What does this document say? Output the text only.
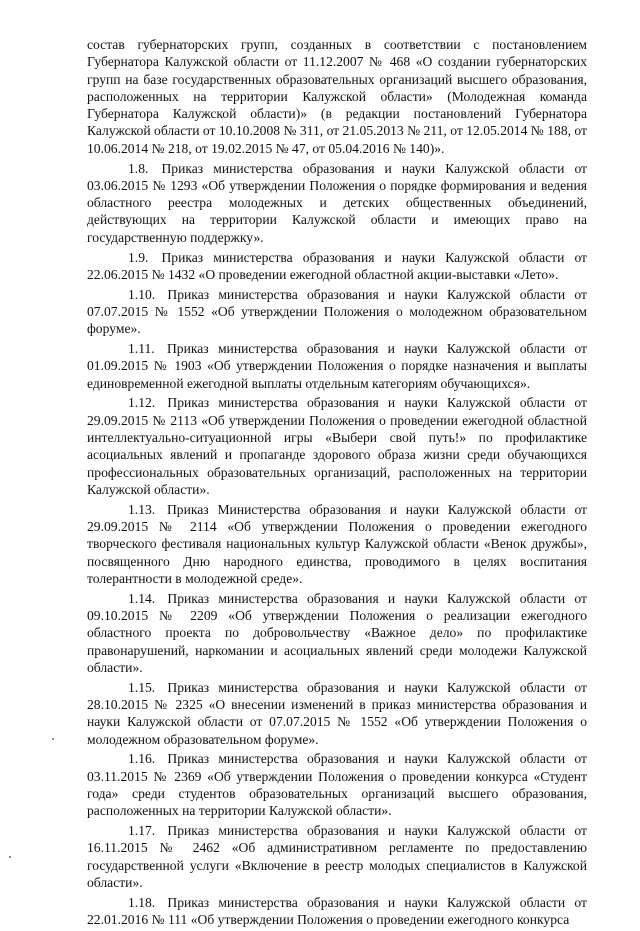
состав губернаторских групп, созданных в соответствии с постановлением Губернатора Калужской области от 11.12.2007 № 468 «О создании губернаторских групп на базе государственных образовательных организаций высшего образования, расположенных на территории Калужской области» (Молодежная команда Губернатора Калужской области)» (в редакции постановлений Губернатора Калужской области от 10.10.2008 № 311, от 21.05.2013 № 211, от 12.05.2014 № 188, от 10.06.2014 № 218, от 19.02.2015 № 47, от 05.04.2016 № 140)».

1.8. Приказ министерства образования и науки Калужской области от 03.06.2015 № 1293 «Об утверждении Положения о порядке формирования и ведения областного реестра молодежных и детских общественных объединений, действующих на территории Калужской области и имеющих право на государственную поддержку».

1.9. Приказ министерства образования и науки Калужской области от 22.06.2015 № 1432 «О проведении ежегодной областной акции-выставки «Лето».

1.10. Приказ министерства образования и науки Калужской области от 07.07.2015 № 1552 «Об утверждении Положения о молодежном образовательном форуме».

1.11. Приказ министерства образования и науки Калужской области от 01.09.2015 № 1903 «Об утверждении Положения о порядке назначения и выплаты единовременной ежегодной выплаты отдельным категориям обучающихся».

1.12. Приказ министерства образования и науки Калужской области от 29.09.2015 № 2113 «Об утверждении Положения о проведении ежегодной областной интеллектуально-ситуационной игры «Выбери свой путь!» по профилактике асоциальных явлений и пропаганде здорового образа жизни среди обучающихся профессиональных образовательных организаций, расположенных на территории Калужской области».

1.13. Приказ Министерства образования и науки Калужской области от 29.09.2015 № 2114 «Об утверждении Положения о проведении ежегодного творческого фестиваля национальных культур Калужской области «Венок дружбы», посвященного Дню народного единства, проводимого в целях воспитания толерантности в молодежной среде».

1.14. Приказ министерства образования и науки Калужской области от 09.10.2015 № 2209 «Об утверждении Положения о реализации ежегодного областного проекта по добровольчеству «Важное дело» по профилактике правонарушений, наркомании и асоциальных явлений среди молодежи Калужской области».

1.15. Приказ министерства образования и науки Калужской области от 28.10.2015 № 2325 «О внесении изменений в приказ министерства образования и науки Калужской области от 07.07.2015 № 1552 «Об утверждении Положения о молодежном образовательном форуме».

1.16. Приказ министерства образования и науки Калужской области от 03.11.2015 № 2369 «Об утверждении Положения о проведении конкурса «Студент года» среди студентов образовательных организаций высшего образования, расположенных на территории Калужской области».

1.17. Приказ министерства образования и науки Калужской области от 16.11.2015 № 2462 «Об административном регламенте по предоставлению государственной услуги «Включение в реестр молодых специалистов в Калужской области».

1.18. Приказ министерства образования и науки Калужской области от 22.01.2016 № 111 «Об утверждении Положения о проведении ежегодного конкурса
